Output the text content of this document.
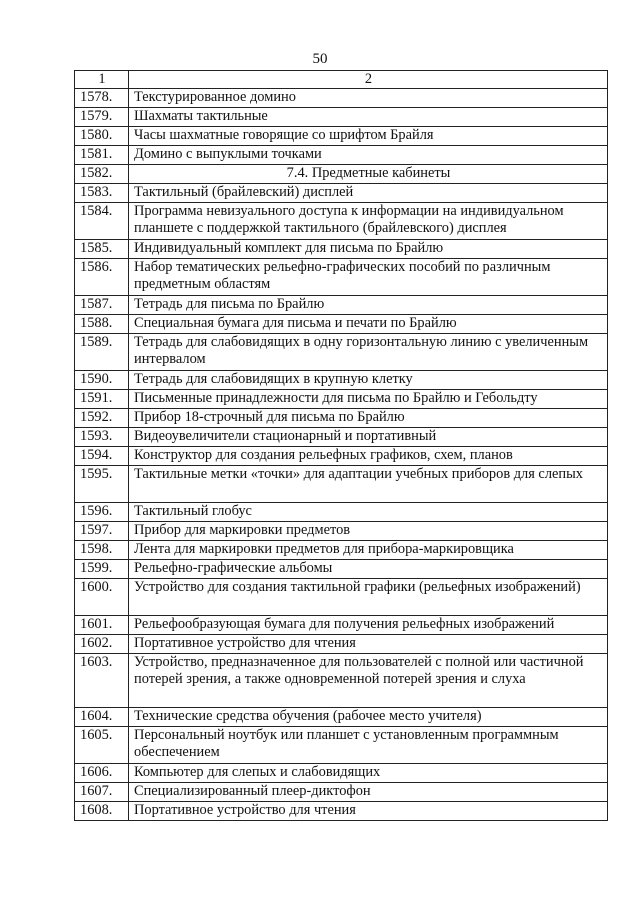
50
1	2
1578.	Текстурированное домино
1579.	Шахматы тактильные
1580.	Часы шахматные говорящие со шрифтом Брайля
1581.	Домино с выпуклыми точками
1582.	7.4. Предметные кабинеты
1583.	Тактильный (брайлевский) дисплей
1584.	Программа невизуального доступа к информации на индивидуальном планшете с поддержкой тактильного (брайлевского) дисплея
1585.	Индивидуальный комплект для письма по Брайлю
1586.	Набор тематических рельефно-графических пособий по различным предметным областям
1587.	Тетрадь для письма по Брайлю
1588.	Специальная бумага для письма и печати по Брайлю
1589.	Тетрадь для слабовидящих в одну горизонтальную линию с увеличенным интервалом
1590.	Тетрадь для слабовидящих в крупную клетку
1591.	Письменные принадлежности для письма по Брайлю и Гебольдту
1592.	Прибор 18-строчный для письма по Брайлю
1593.	Видеоувеличители стационарный и портативный
1594.	Конструктор для создания рельефных графиков, схем, планов
1595.	Тактильные метки «точки» для адаптации учебных приборов для слепых
1596.	Тактильный глобус
1597.	Прибор для маркировки предметов
1598.	Лента для маркировки предметов для прибора-маркировщика
1599.	Рельефно-графические альбомы
1600.	Устройство для создания тактильной графики (рельефных изображений)
1601.	Рельефообразующая бумага для получения рельефных изображений
1602.	Портативное устройство для чтения
1603.	Устройство, предназначенное для пользователей с полной или частичной потерей зрения, а также одновременной потерей зрения и слуха
1604.	Технические средства обучения (рабочее место учителя)
1605.	Персональный ноутбук или планшет с установленным программным обеспечением
1606.	Компьютер для слепых и слабовидящих
1607.	Специализированный плеер-диктофон
1608.	Портативное устройство для чтения
